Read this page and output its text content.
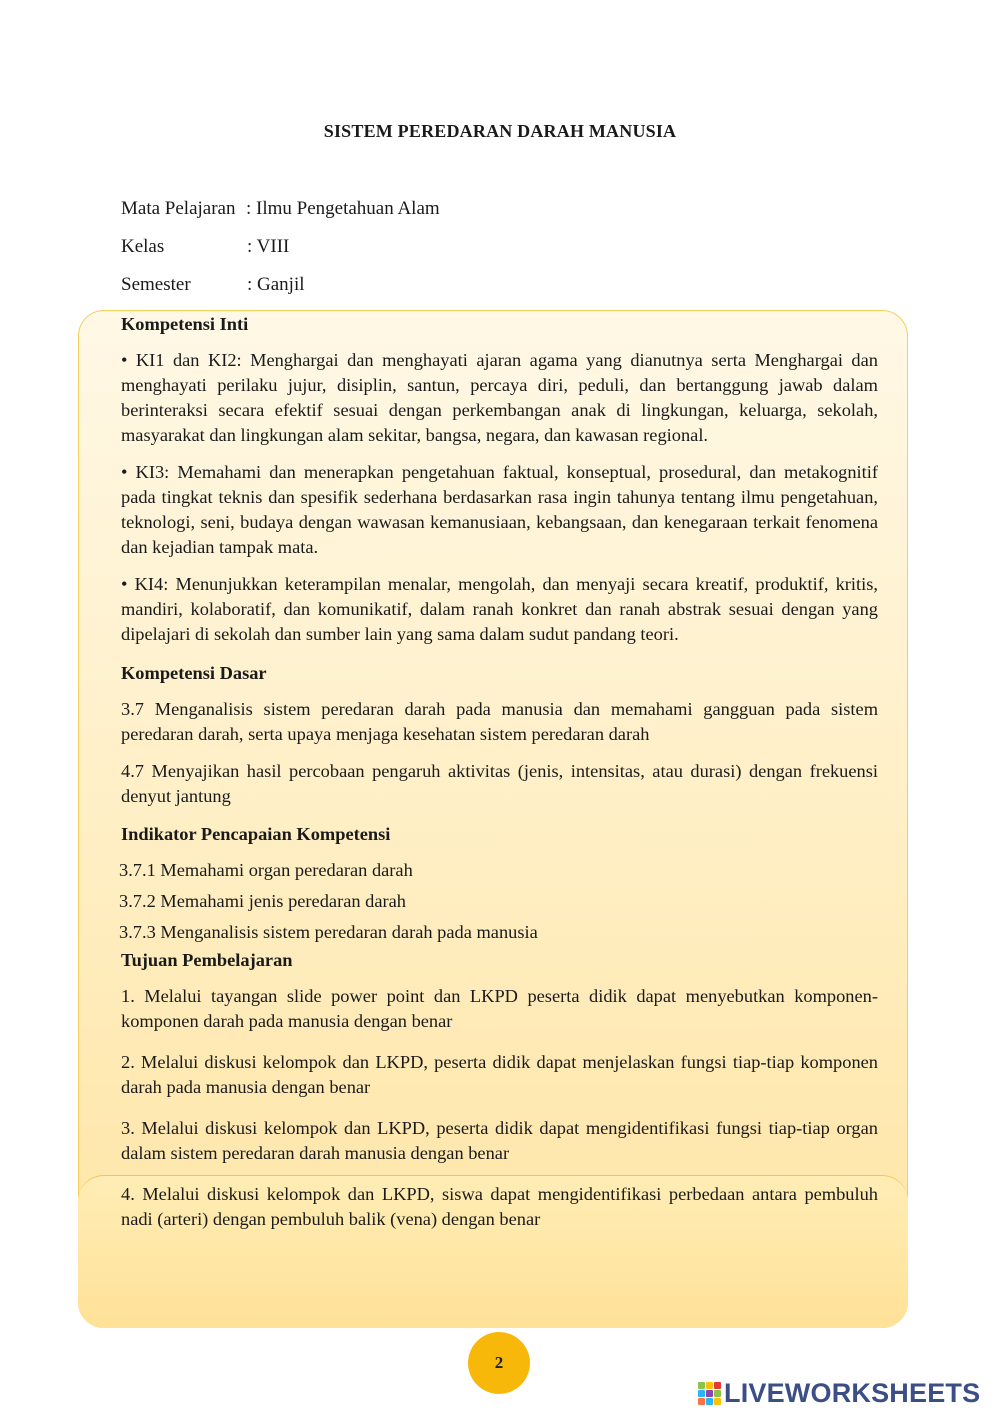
SISTEM PEREDARAN DARAH MANUSIA
Mata Pelajaran : Ilmu Pengetahuan Alam
Kelas	: VIII
Semester	: Ganjil
Kompetensi Inti

• KI1 dan KI2: Menghargai dan menghayati ajaran agama yang dianutnya serta Menghargai dan menghayati perilaku jujur, disiplin, santun, percaya diri, peduli, dan bertanggung jawab dalam berinteraksi secara efektif sesuai dengan perkembangan anak di lingkungan, keluarga, sekolah, masyarakat dan lingkungan alam sekitar, bangsa, negara, dan kawasan regional.

• KI3: Memahami dan menerapkan pengetahuan faktual, konseptual, prosedural, dan metakognitif pada tingkat teknis dan spesifik sederhana berdasarkan rasa ingin tahunya tentang ilmu pengetahuan, teknologi, seni, budaya dengan wawasan kemanusiaan, kebangsaan, dan kenegaraan terkait fenomena dan kejadian tampak mata.

• KI4: Menunjukkan keterampilan menalar, mengolah, dan menyaji secara kreatif, produktif, kritis, mandiri, kolaboratif, dan komunikatif, dalam ranah konkret dan ranah abstrak sesuai dengan yang dipelajari di sekolah dan sumber lain yang sama dalam sudut pandang teori.

Kompetensi Dasar

3.7 Menganalisis sistem peredaran darah pada manusia dan memahami gangguan pada sistem peredaran darah, serta upaya menjaga kesehatan sistem peredaran darah

4.7 Menyajikan hasil percobaan pengaruh aktivitas (jenis, intensitas, atau durasi) dengan frekuensi denyut jantung

Indikator Pencapaian Kompetensi
3.7.1 Memahami organ peredaran darah
3.7.2 Memahami jenis peredaran darah
3.7.3 Menganalisis sistem peredaran darah pada manusia
Tujuan Pembelajaran

1. Melalui tayangan slide power point dan LKPD peserta didik dapat menyebutkan komponen-komponen darah pada manusia dengan benar

2. Melalui diskusi kelompok dan LKPD, peserta didik dapat menjelaskan fungsi tiap-tiap komponen darah pada manusia dengan benar

3. Melalui diskusi kelompok dan LKPD, peserta didik dapat mengidentifikasi fungsi tiap-tiap organ dalam sistem peredaran darah manusia dengan benar

4. Melalui diskusi kelompok dan LKPD, siswa dapat mengidentifikasi perbedaan antara pembuluh nadi (arteri) dengan pembuluh balik (vena) dengan benar

2
LIVEWORKSHEETS
